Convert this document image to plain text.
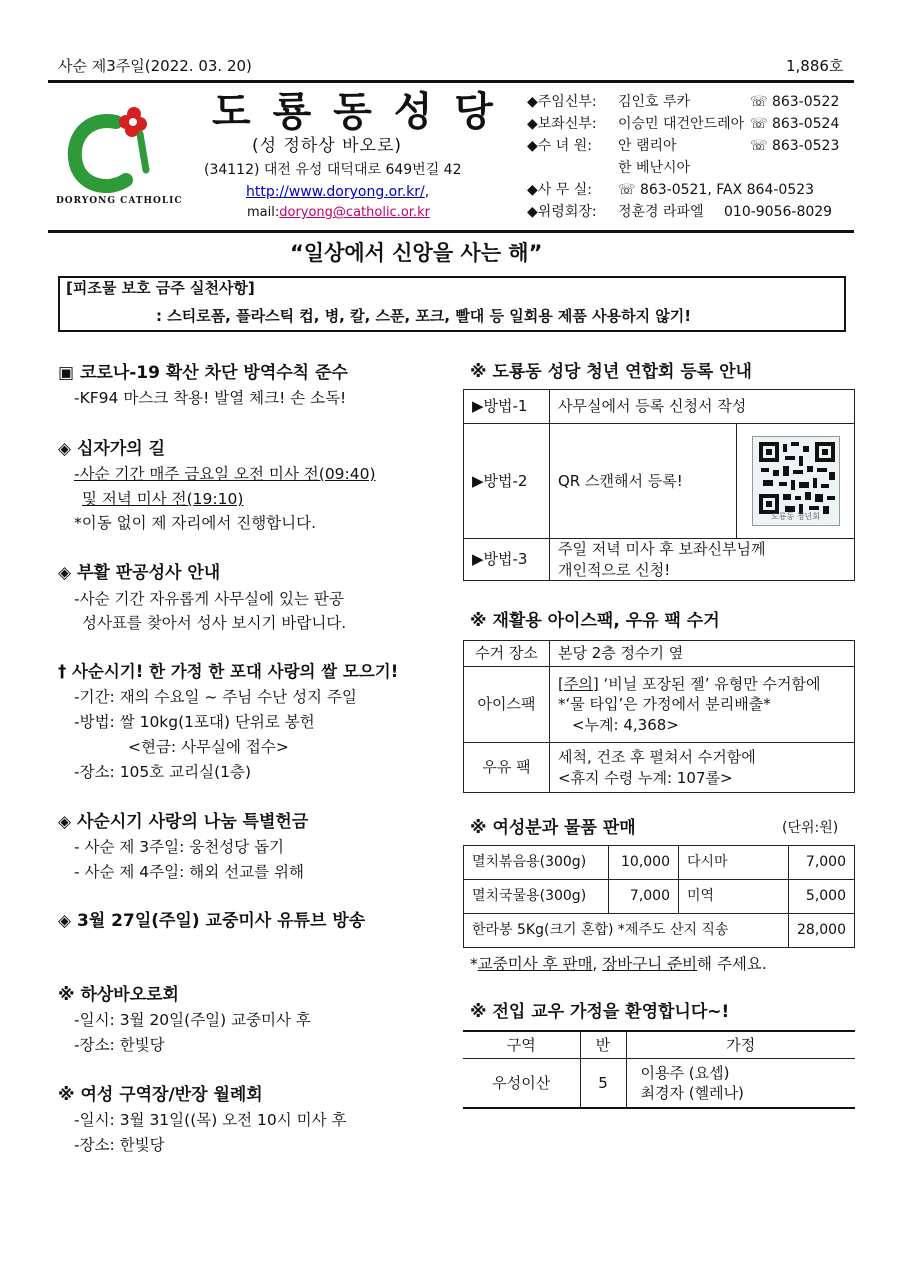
사순 제3주일(2022. 03. 20)	1,886호
DORYONG CATHOLIC
도 룡 동 성 당
(성 정하상 바오로)
(34112) 대전 유성 대덕대로 649번길 42
http://www.doryong.or.kr/,
mail:doryong@catholic.or.kr
◆주임신부: 김인호 루카	☏ 863-0522
◆보좌신부: 이승민 대건안드레아 ☏ 863-0524
◆수 녀 원: 안 램리아	☏ 863-0523
한 베난시아
◆사 무 실: ☏ 863-0521, FAX 864-0523
◆위령회장: 정훈경 라파엘 010-9056-8029
“일상에서 신앙을 사는 해”
[피조물 보호 금주 실천사항]
: 스티로폼, 플라스틱 컵, 병, 칼, 스푼, 포크, 빨대 등 일회용 제품 사용하지 않기!
▣ 코로나-19 확산 차단 방역수칙 준수
-KF94 마스크 착용! 발열 체크! 손 소독!
◈ 십자가의 길
-사순 기간 매주 금요일 오전 미사 전(09:40)
및 저녁 미사 전(19:10)
*이동 없이 제 자리에서 진행합니다.
◈ 부활 판공성사 안내
-사순 기간 자유롭게 사무실에 있는 판공
성사표를 찾아서 성사 보시기 바랍니다.
† 사순시기! 한 가정 한 포대 사랑의 쌀 모으기!
-기간: 재의 수요일 ~ 주님 수난 성지 주일
-방법: 쌀 10kg(1포대) 단위로 봉헌
<현금: 사무실에 접수>
-장소: 105호 교리실(1층)
◈ 사순시기 사랑의 나눔 특별헌금
- 사순 제 3주일: 웅천성당 돕기
- 사순 제 4주일: 해외 선교를 위해
◈ 3월 27일(주일) 교중미사 유튜브 방송
※ 하상바오로회
-일시: 3월 20일(주일) 교중미사 후
-장소: 한빛당
※ 여성 구역장/반장 월례회
-일시: 3월 31일((목) 오전 10시 미사 후
-장소: 한빛당
※ 도룡동 성당 청년 연합회 등록 안내
▶방법-1	사무실에서 등록 신청서 작성	
▶방법-2	QR 스캔해서 등록!	도룡동 청년회

▶방법-3	주일 저녁 미사 후 보좌신부님께
개인적으로 신청!	
※ 재활용 아이스팩, 우유 팩 수거
수거 장소	본당 2층 정수기 옆
아이스팩	[주의] ‘비닐 포장된 젤’ 유형만 수거함에
*‘물 타입’은 가정에서 분리배출*
<누계: 4,368>

우유 팩	세척, 건조 후 펼쳐서 수거함에
<휴지 수령 누계: 107롤>
※ 여성분과 물품 판매	(단위:원)
멸치볶음용(300g)	10,000	다시마	7,000
멸치국물용(300g)	7,000	미역	5,000
한라봉 5Kg(크기 혼합) *제주도 산지 직송			28,000
*교중미사 후 판매, 장바구니 준비해 주세요.
※ 전입 교우 가정을 환영합니다~!
구역	반	가정
우성이산	5	이용주 (요셉)
최경자 (헬레나)
